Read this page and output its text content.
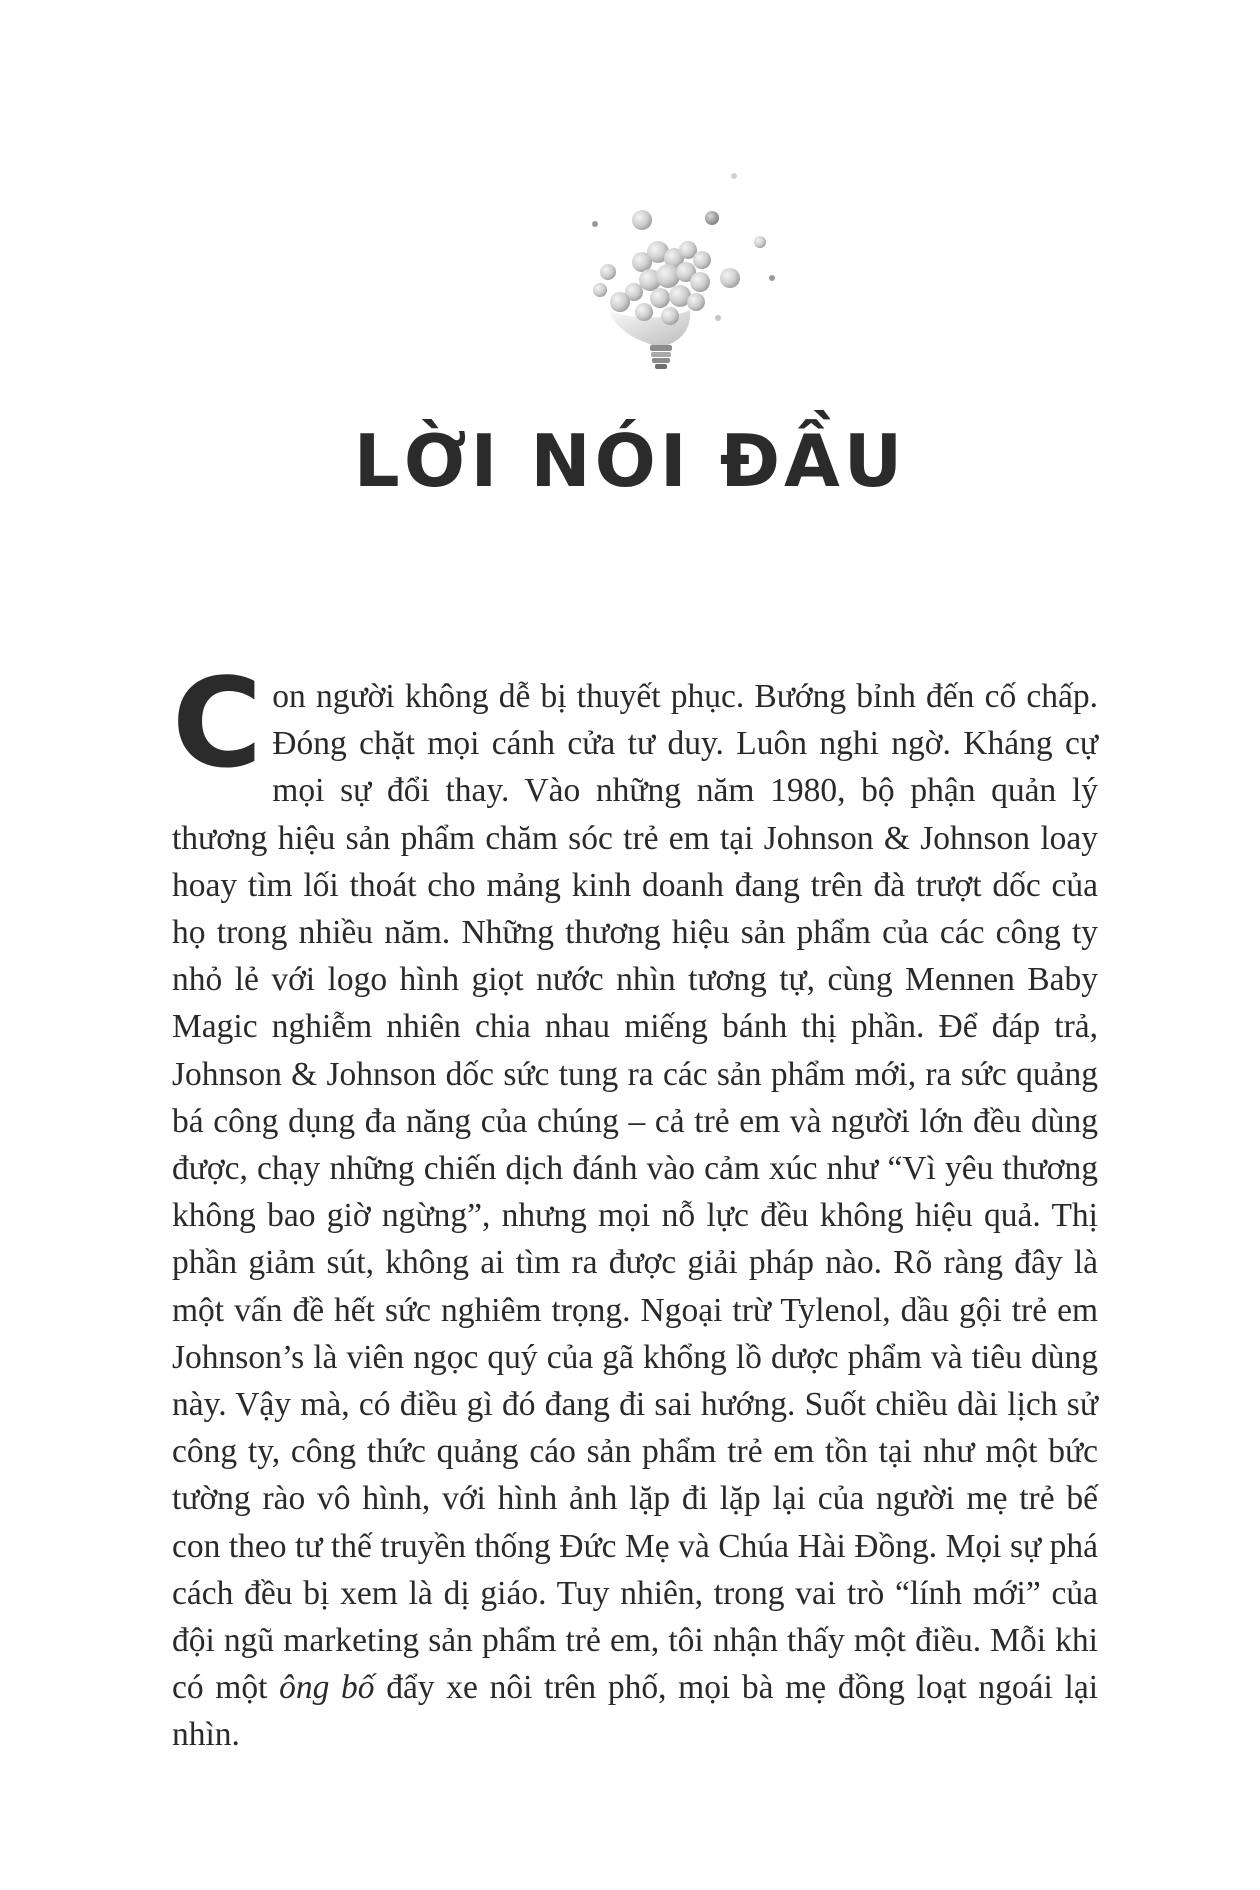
LỜI NÓI ĐẦU
Con người không dễ bị thuyết phục. Bướng bỉnh đến cố chấp. Đóng chặt mọi cánh cửa tư duy. Luôn nghi ngờ. Kháng cự mọi sự đổi thay. Vào những năm 1980, bộ phận quản lý thương hiệu sản phẩm chăm sóc trẻ em tại Johnson & Johnson loay hoay tìm lối thoát cho mảng kinh doanh đang trên đà trượt dốc của họ trong nhiều năm. Những thương hiệu sản phẩm của các công ty nhỏ lẻ với logo hình giọt nước nhìn tương tự, cùng Mennen Baby Magic nghiễm nhiên chia nhau miếng bánh thị phần. Để đáp trả, Johnson & Johnson dốc sức tung ra các sản phẩm mới, ra sức quảng bá công dụng đa năng của chúng – cả trẻ em và người lớn đều dùng được, chạy những chiến dịch đánh vào cảm xúc như “Vì yêu thương không bao giờ ngừng”, nhưng mọi nỗ lực đều không hiệu quả. Thị phần giảm sút, không ai tìm ra được giải pháp nào. Rõ ràng đây là một vấn đề hết sức nghiêm trọng. Ngoại trừ Tylenol, dầu gội trẻ em Johnson’s là viên ngọc quý của gã khổng lồ dược phẩm và tiêu dùng này. Vậy mà, có điều gì đó đang đi sai hướng. Suốt chiều dài lịch sử công ty, công thức quảng cáo sản phẩm trẻ em tồn tại như một bức tường rào vô hình, với hình ảnh lặp đi lặp lại của người mẹ trẻ bế con theo tư thế truyền thống Đức Mẹ và Chúa Hài Đồng. Mọi sự phá cách đều bị xem là dị giáo. Tuy nhiên, trong vai trò “lính mới” của đội ngũ marketing sản phẩm trẻ em, tôi nhận thấy một điều. Mỗi khi có một ông bố đẩy xe nôi trên phố, mọi bà mẹ đồng loạt ngoái lại nhìn.
